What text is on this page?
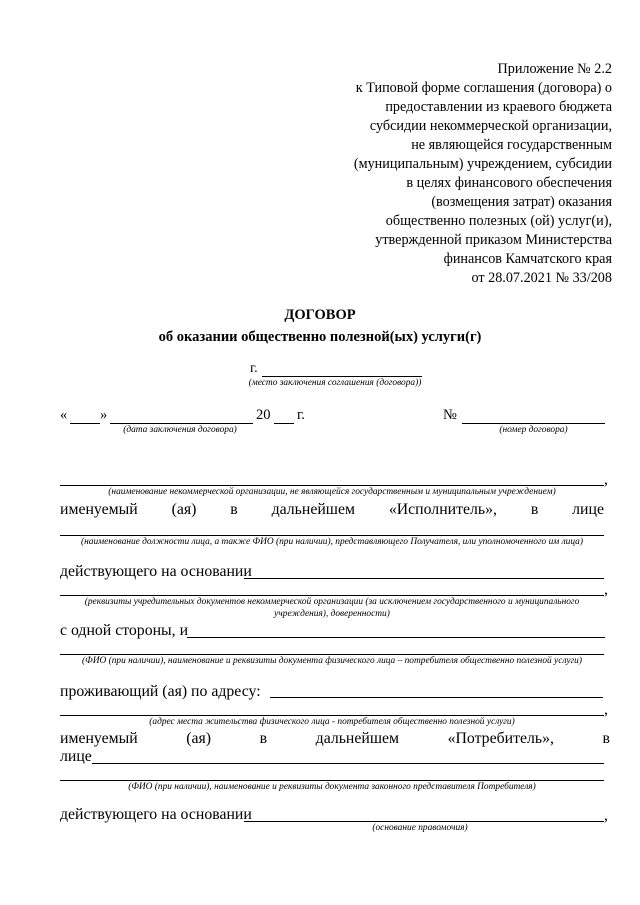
Приложение № 2.2
к Типовой форме соглашения (договора) о
предоставлении из краевого бюджета
субсидии некоммерческой организации,
не являющейся государственным
(муниципальным) учреждением, субсидии
в целях финансового обеспечения
(возмещения затрат) оказания
общественно полезных (ой) услуг(и),
утвержденной приказом Министерства
финансов Камчатского края
от 28.07.2021 № 33/208
ДОГОВОР
об оказании общественно полезной(ых) услуги(г)
г.
(место заключения соглашения (договора))
« »	20 г.
(дата заключения договора)
№
(номер договора)
,
(наименование некоммерческой организации, не являющейся государственным и муниципальным учреждением)
именуемый (ая) в дальнейшем «Исполнитель», в лице
(наименование должности лица, а также ФИО (при наличии), представляющего Получателя, или уполномоченного им лица)
действующего на основании
,
(реквизиты учредительных документов некоммерческой организации (за исключением государственного и муниципального учреждения), доверенности)
с одной стороны, и
(ФИО (при наличии), наименование и реквизиты документа физического лица – потребителя общественно полезной услуги)
проживающий (ая) по адресу:
,
(адрес места жительства физического лица - потребителя общественно полезной услуги)
именуемый	(ая)	в	дальнейшем	«Потребитель»,	в
лице
(ФИО (при наличии), наименование и реквизиты документа законного представителя Потребителя)
действующего на основании	,
(основание правомочия)
